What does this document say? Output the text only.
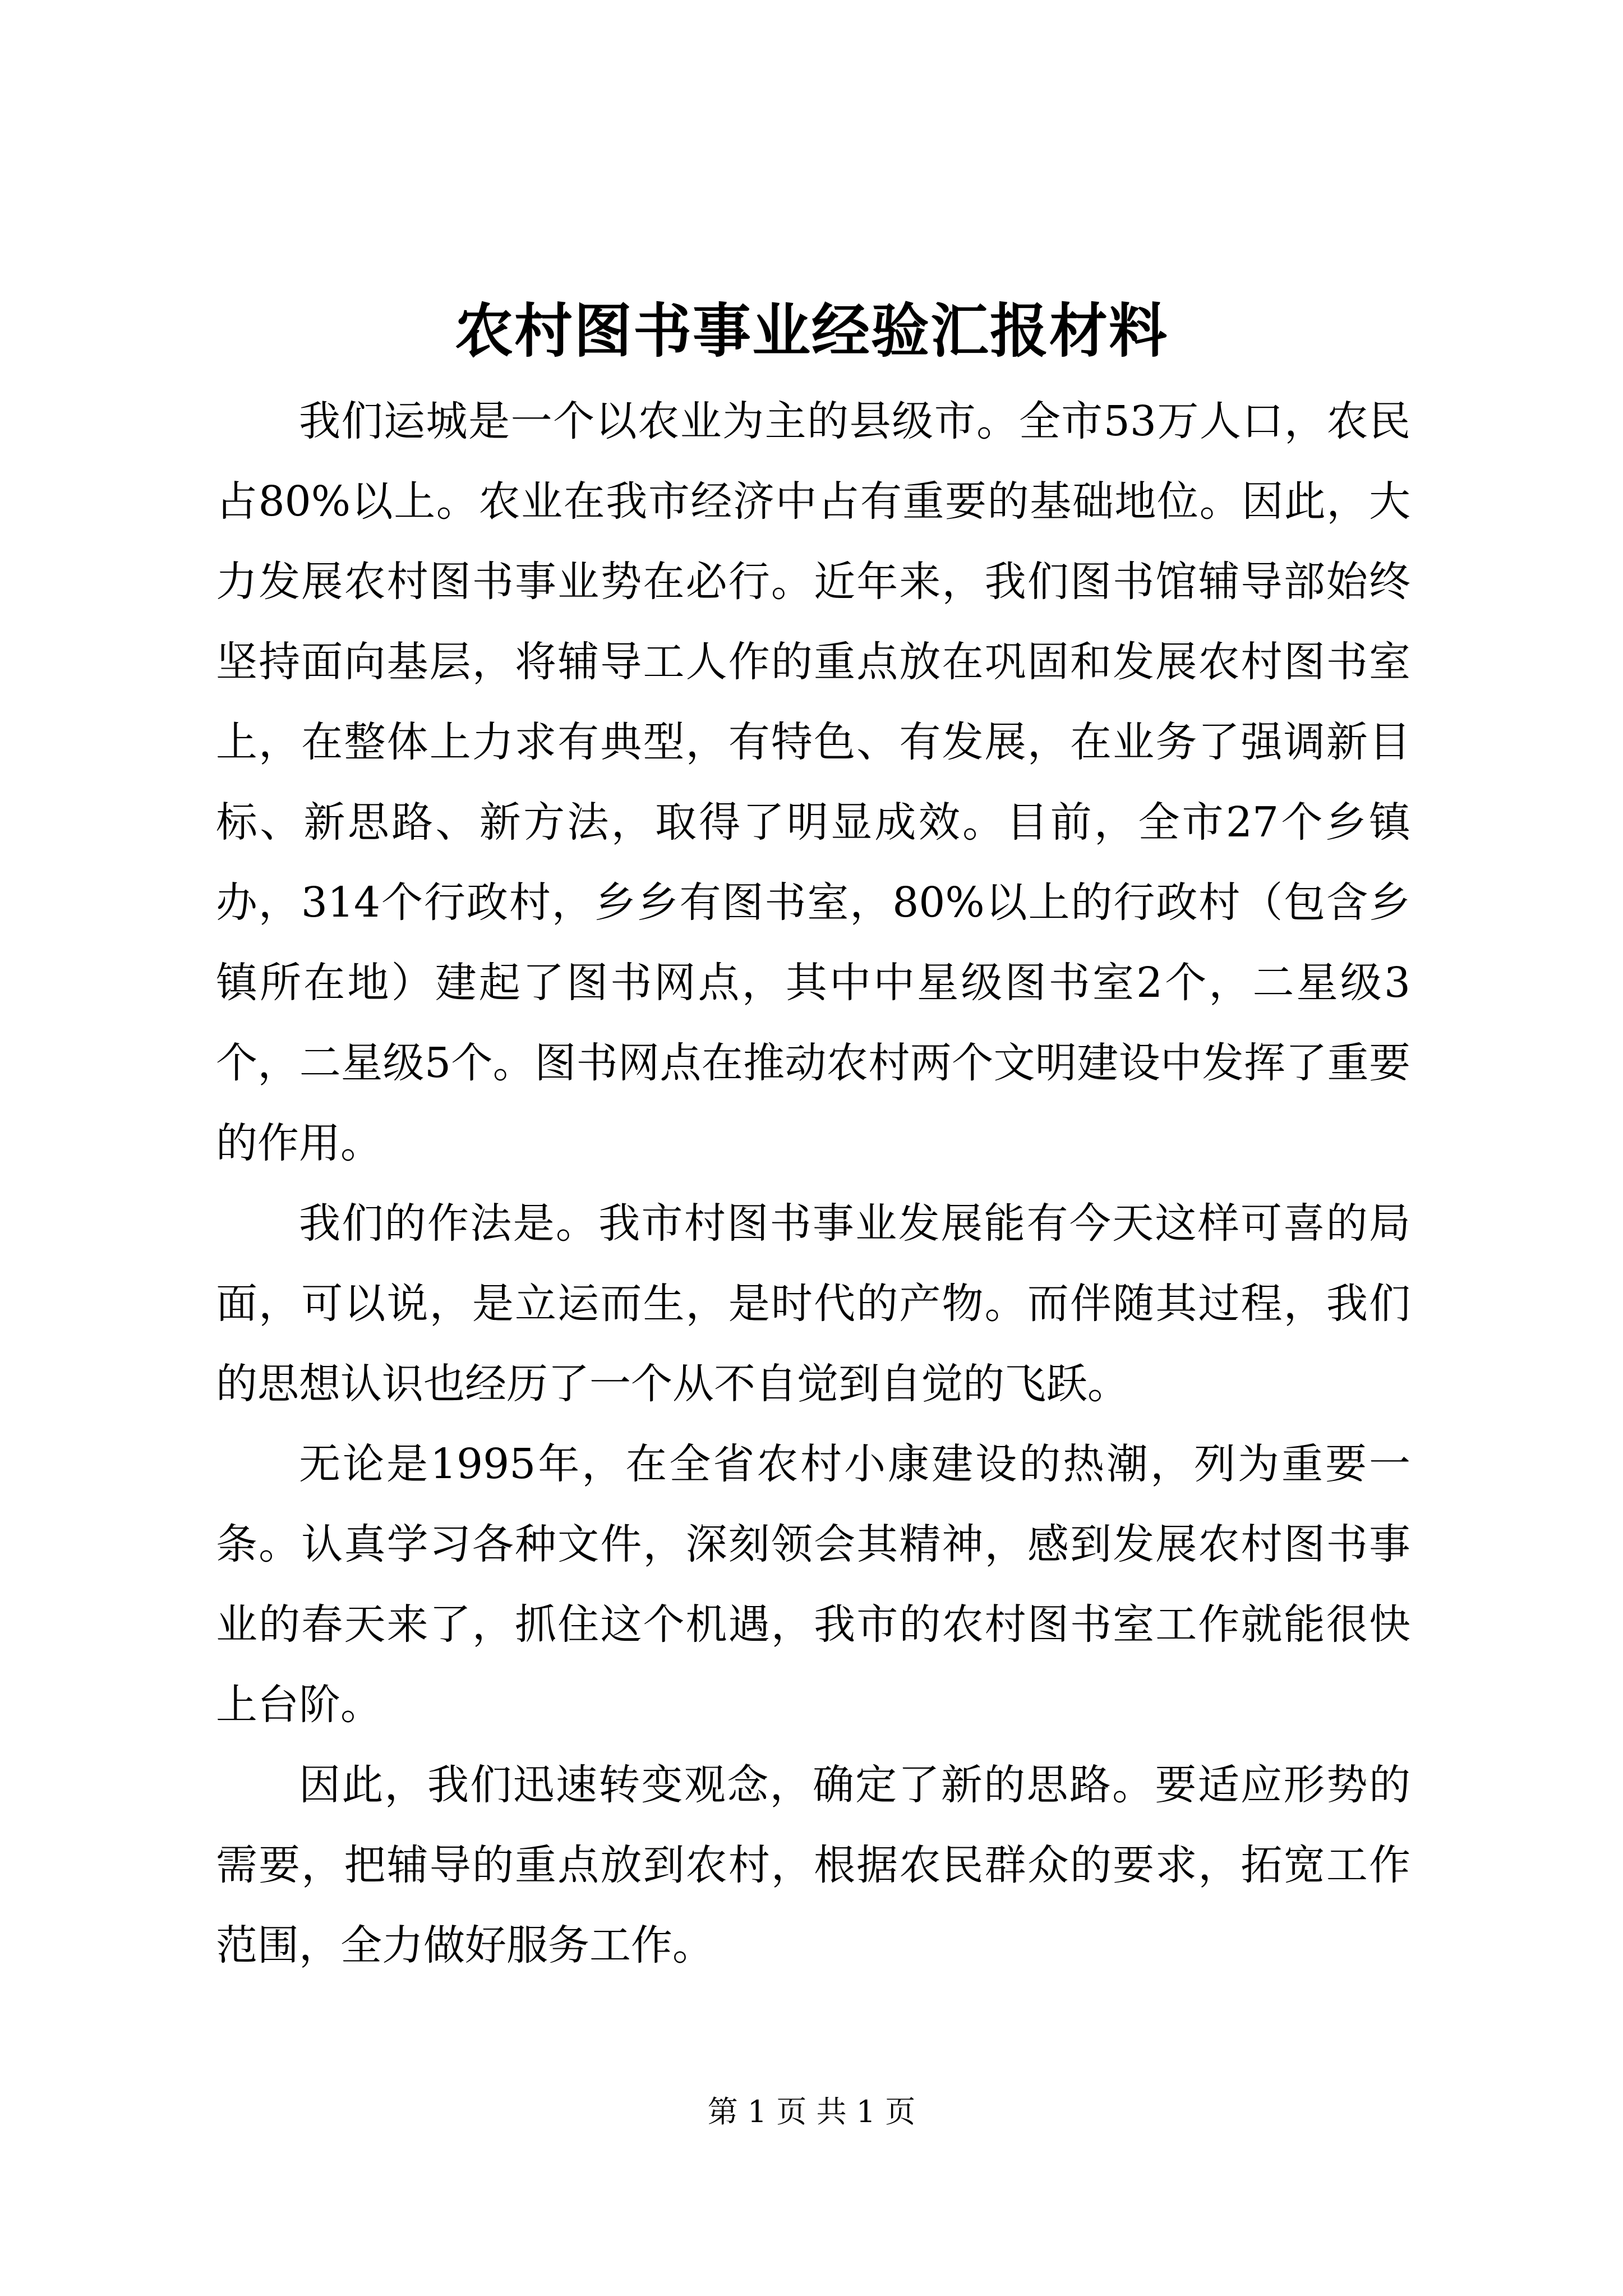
农村图书事业经验汇报材料

我们运城是一个以农业为主的县级市。全市53万人口，农民占80%以上。农业在我市经济中占有重要的基础地位。因此，大力发展农村图书事业势在必行。近年来，我们图书馆辅导部始终坚持面向基层，将辅导工人作的重点放在巩固和发展农村图书室上，在整体上力求有典型，有特色、有发展，在业务了强调新目标、新思路、新方法，取得了明显成效。目前，全市27个乡镇办，314个行政村，乡乡有图书室，80%以上的行政村（包含乡镇所在地）建起了图书网点，其中中星级图书室2个，二星级3个，二星级5个。图书网点在推动农村两个文明建设中发挥了重要的作用。

我们的作法是。我市村图书事业发展能有今天这样可喜的局面，可以说，是立运而生，是时代的产物。而伴随其过程，我们的思想认识也经历了一个从不自觉到自觉的飞跃。

无论是1995年，在全省农村小康建设的热潮，列为重要一条。认真学习各种文件，深刻领会其精神，感到发展农村图书事业的春天来了，抓住这个机遇，我市的农村图书室工作就能很快上台阶。

因此，我们迅速转变观念，确定了新的思路。要适应形势的需要，把辅导的重点放到农村，根据农民群众的要求，拓宽工作范围，全力做好服务工作。

第 1 页 共 1 页
